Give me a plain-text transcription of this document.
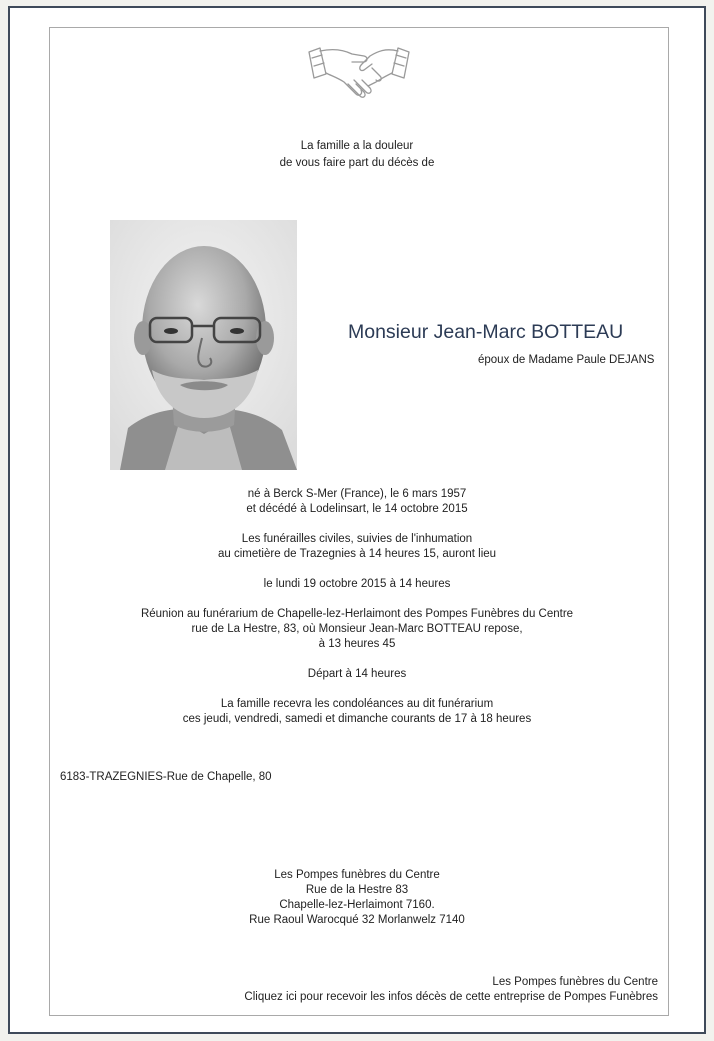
La famille a la douleur
de vous faire part du décès de
Monsieur Jean-Marc BOTTEAU
époux de Madame Paule DEJANS
né à Berck S-Mer (France), le 6 mars 1957
et décédé à Lodelinsart, le 14 octobre 2015
Les funérailles civiles, suivies de l'inhumation
au cimetière de Trazegnies à 14 heures 15, auront lieu
le lundi 19 octobre 2015 à 14 heures
Réunion au funérarium de Chapelle-lez-Herlaimont des Pompes Funèbres du Centre
rue de La Hestre, 83, où Monsieur Jean-Marc BOTTEAU repose,
à 13 heures 45
Départ à 14 heures
La famille recevra les condoléances au dit funérarium
ces jeudi, vendredi, samedi et dimanche courants de 17 à 18 heures
6183-TRAZEGNIES-Rue de Chapelle, 80
Les Pompes funèbres du Centre
Rue de la Hestre 83
Chapelle-lez-Herlaimont 7160.
Rue Raoul Warocqué 32 Morlanwelz 7140
Les Pompes funèbres du Centre
Cliquez ici pour recevoir les infos décès de cette entreprise de Pompes Funèbres
